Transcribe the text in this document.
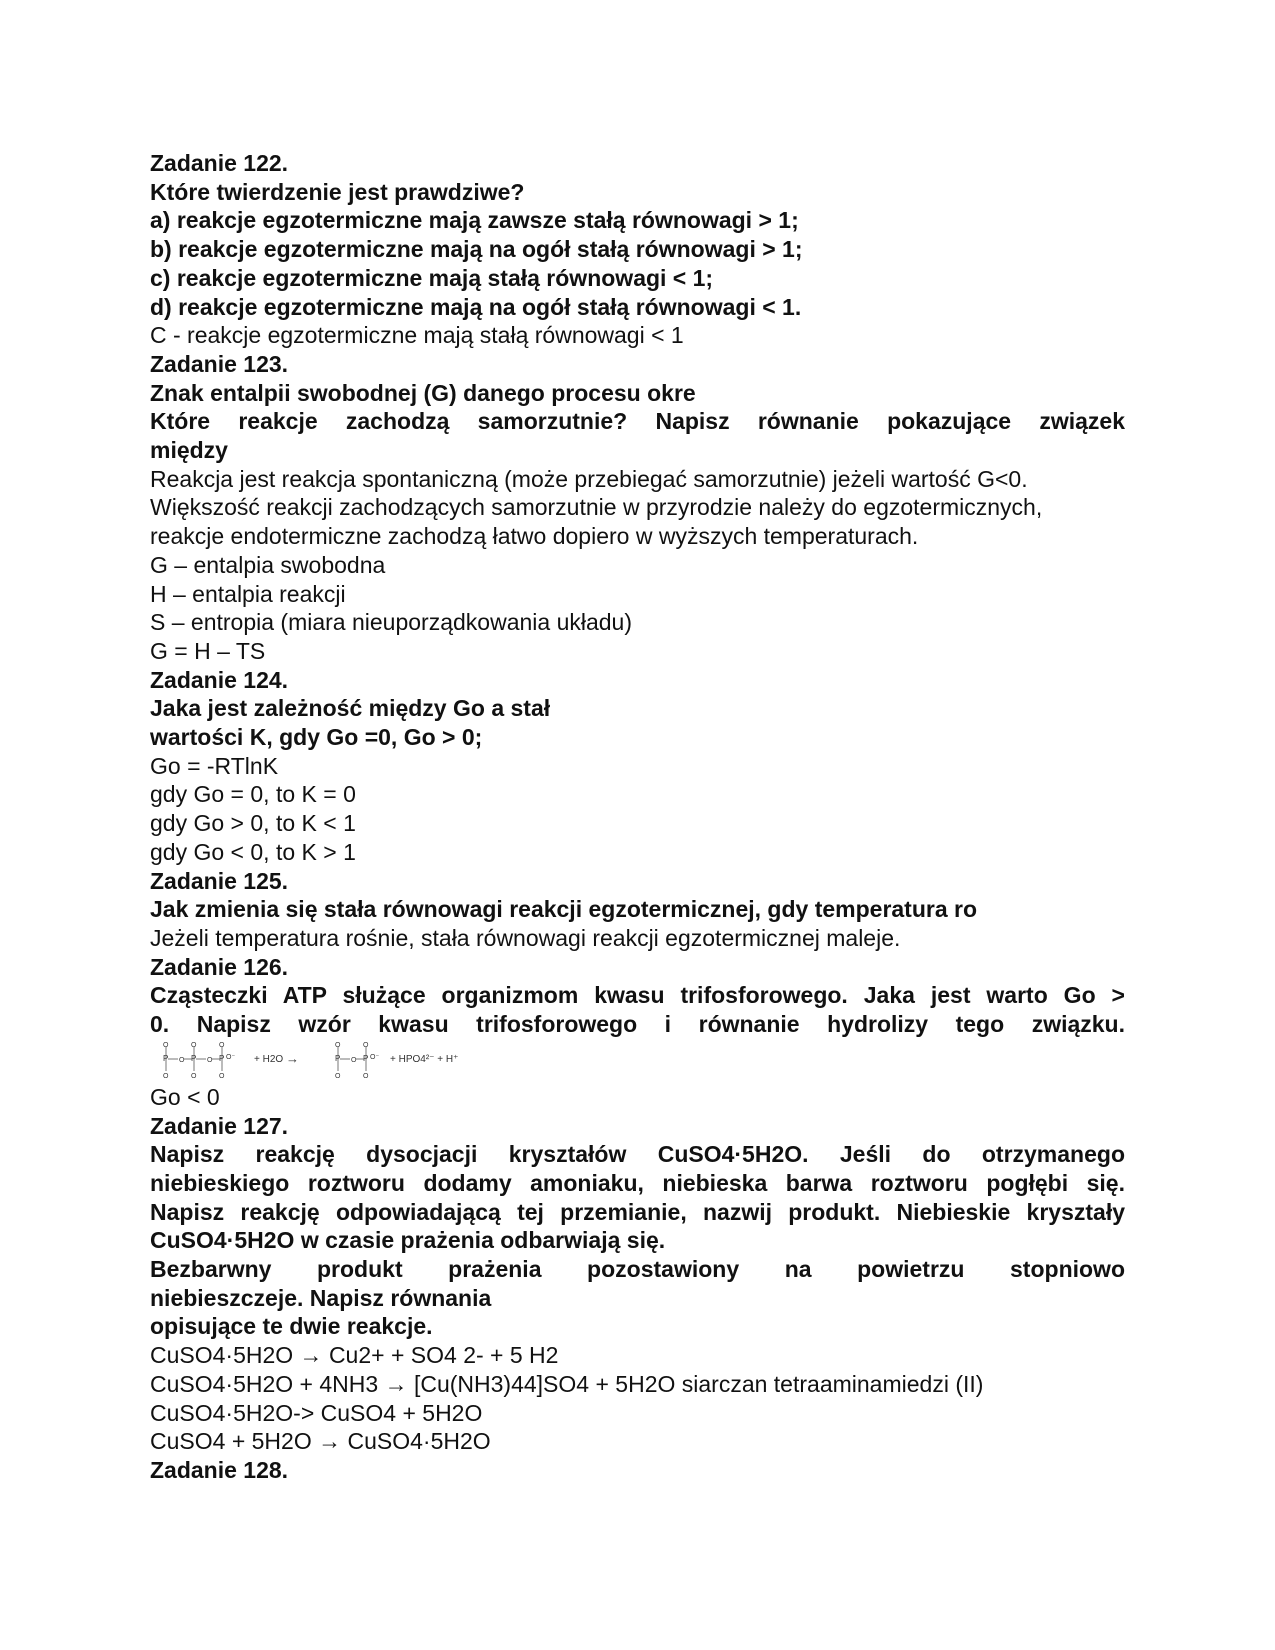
Zadanie 122.

Które twierdzenie jest prawdziwe?

a) reakcje egzotermiczne mają zawsze stałą równowagi > 1;

b) reakcje egzotermiczne mają na ogół stałą równowagi > 1;

c) reakcje egzotermiczne mają stałą równowagi < 1;

d) reakcje egzotermiczne mają na ogół stałą równowagi < 1.

C - reakcje egzotermiczne mają stałą równowagi < 1

Zadanie 123.

Znak entalpii swobodnej (G) danego procesu okre

Które reakcje zachodzą samorzutnie? Napisz równanie pokazujące związek

między

Reakcja jest reakcja spontaniczną (może przebiegać samorzutnie) jeżeli wartość G<0.

Większość reakcji zachodzących samorzutnie w przyrodzie należy do egzotermicznych,

reakcje endotermiczne zachodzą łatwo dopiero w wyższych temperaturach.

G – entalpia swobodna

H – entalpia reakcji

S – entropia (miara nieuporządkowania układu)

G = H – TS

Zadanie 124.

Jaka jest zależność między Go a stał

wartości K, gdy Go =0, Go > 0;

Go = -RTlnK

gdy Go = 0, to K = 0

gdy Go > 0, to K < 1

gdy Go < 0, to K > 1

Zadanie 125.

Jak zmienia się stała równowagi reakcji egzotermicznej, gdy temperatura ro

Jeżeli temperatura rośnie, stała równowagi reakcji egzotermicznej maleje.

Zadanie 126.

Cząsteczki ATP służące organizmom kwasu trifosforowego. Jaka jest warto Go >

0. Napisz wzór kwasu trifosforowego i równanie hydrolizy tego związku.

O
P
O
O
O
P
O
O
O
P
O
O⁻
O
P
O
O
O
P
O
O⁻
+ H2O →	+ HPO4²⁻ + H⁺

Go < 0

Zadanie 127.

Napisz reakcję dysocjacji kryształów CuSO4·5H2O. Jeśli do otrzymanego

niebieskiego roztworu dodamy amoniaku, niebieska barwa roztworu pogłębi się.

Napisz reakcję odpowiadającą tej przemianie, nazwij produkt. Niebieskie kryształy

CuSO4·5H2O w czasie prażenia odbarwiają się.

Bezbarwny produkt prażenia pozostawiony na powietrzu stopniowo

niebieszczeje. Napisz równania

opisujące te dwie reakcje.

CuSO4·5H2O → Cu2+ + SO4 2- + 5 H2

CuSO4·5H2O + 4NH3 → [Cu(NH3)44]SO4 + 5H2O siarczan tetraaminamiedzi (II)

CuSO4·5H2O-> CuSO4 + 5H2O

CuSO4 + 5H2O → CuSO4·5H2O

Zadanie 128.
